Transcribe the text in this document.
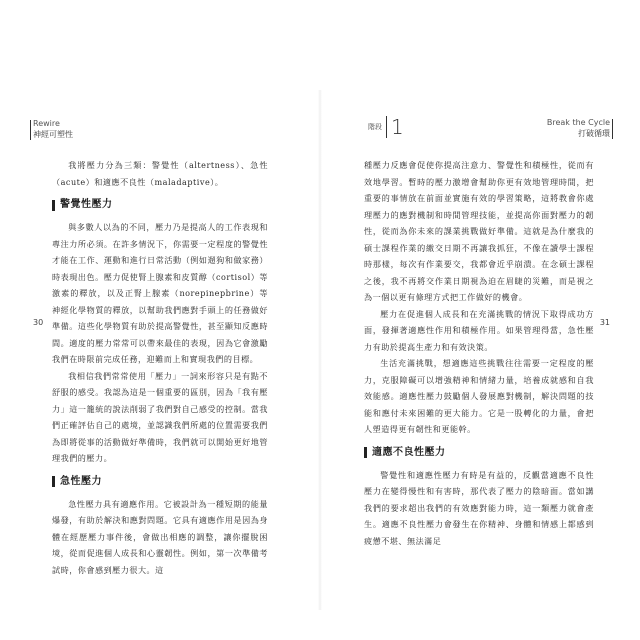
Rewire
神經可塑性

我將壓力分為三類：警覺性（altertness）、急性（acute）和適應不良性（maladaptive）。

警覺性壓力

與多數人以為的不同，壓力乃是提高人的工作表現和專注力所必須。在許多情況下，你需要一定程度的警覺性才能在工作、運動和進行日常活動（例如遛狗和做家務）時表現出色。壓力促使腎上腺素和皮質醇（cortisol）等激素的釋放，以及正腎上腺素（norepinepbrine）等神經化學物質的釋放，以幫助我們應對手頭上的任務做好準備。這些化學物質有助於提高警覺性，甚至顯知反應時間。適度的壓力常常可以帶來最佳的表現，因為它會激勵我們在時限前完成任務，迎難而上和實現我們的目標。

我相信我們常常使用「壓力」一詞來形容只是有點不舒服的感受。我認為這是一個重要的區別，因為「我有壓力」這一籠統的說法削弱了我們對自己感受的控制。當我們正確評估自己的處境，並認識我們所處的位置需要我們為即將從事的活動做好準備時，我們就可以開始更好地管理我們的壓力。

急性壓力

急性壓力具有適應作用。它被設計為一種短期的能量爆發，有助於解決和應對問題。它具有適應作用是因為身體在經歷壓力事件後，會做出相應的調整，讓你擺脫困境，從而促進個人成長和心靈韌性。例如，第一次準備考試時，你會感到壓力很大。這

30
階段 1	Break the Cycle
打破循環

種壓力反應會促使你提高注意力、警覺性和積極性，從而有效地學習。暫時的壓力激增會幫助你更有效地管理時間，把重要的事情放在前面並實施有效的學習策略，這將教會你處理壓力的應對機制和時間管理技能，並提高你面對壓力的韌性，從而為你未來的課業挑戰做好準備。這就是為什麼我的碩士課程作業的繳交日期不再讓我抓狂，不像在讀學士課程時那樣，每次有作業要交，我都會近乎崩潰。在念碩士課程之後，我不再將交作業日期視為迫在眉睫的災難，而是視之為一個以更有條理方式把工作做好的機會。

壓力在促進個人成長和在充滿挑戰的情況下取得成功方面，發揮著適應性作用和積極作用。如果管理得當，急性壓力有助於提高生產力和有效決策。

生活充滿挑戰，想適應這些挑戰往往需要一定程度的壓力，克服障礙可以增強精神和情緒力量，培養成就感和自我效能感。適應性壓力鼓勵個人發展應對機制，解決問題的技能和應付未來困難的更大能力。它是一股轉化的力量，會把人塑造得更有韌性和更能幹。

適應不良性壓力

警覺性和適應性壓力有時是有益的，反觀當適應不良性壓力在變得慢性和有害時，那代表了壓力的陰暗面。當如講我們的要求超出我們的有效應對能力時，這一類壓力就會產生。適應不良性壓力會發生在你精神、身體和情感上都感到疲憊不堪、無法滿足

31
